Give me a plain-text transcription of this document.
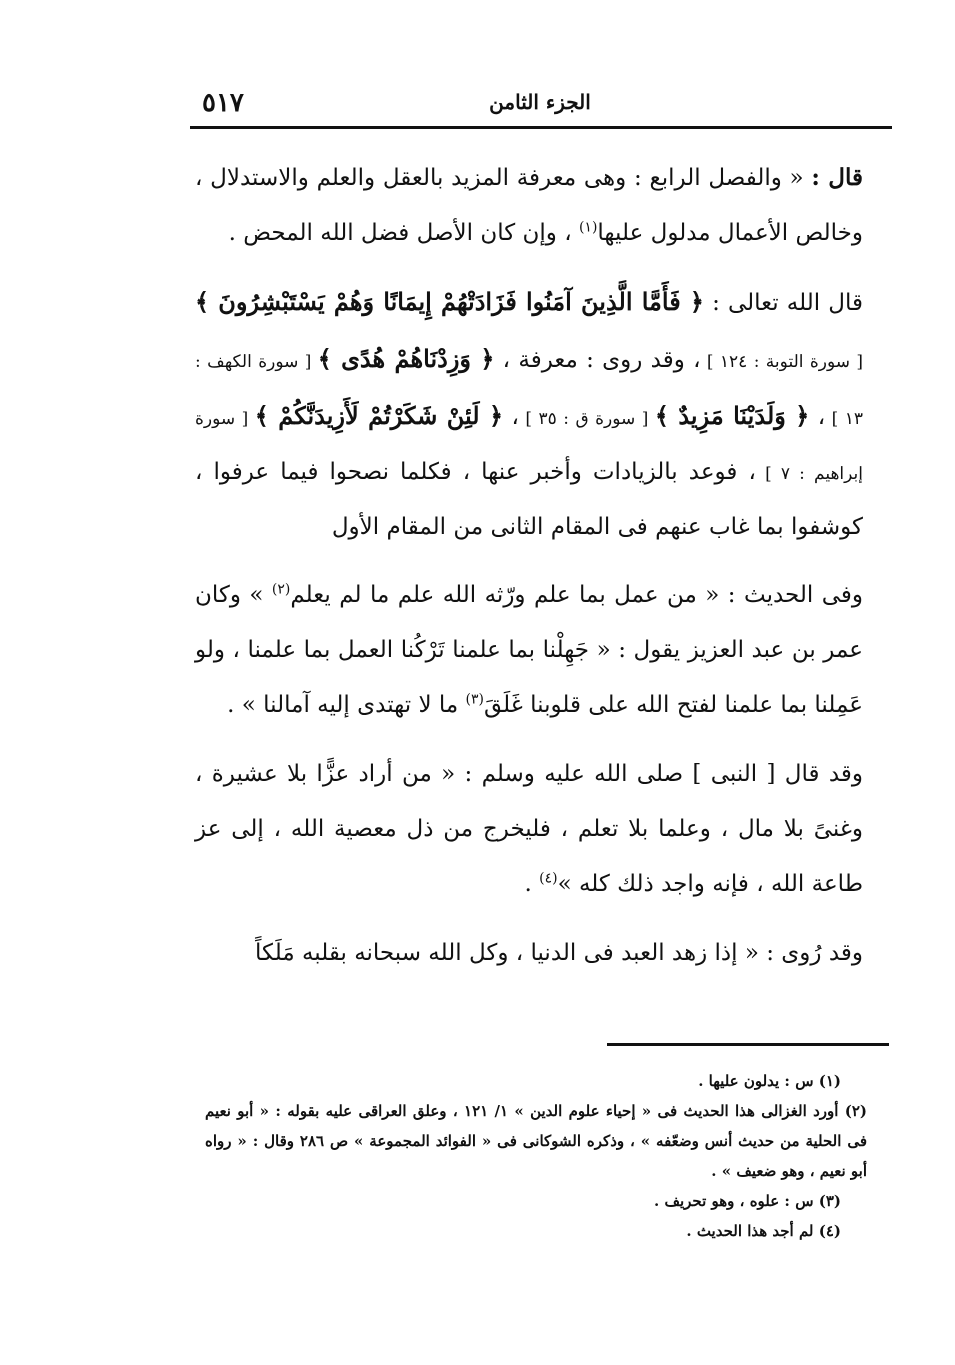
الجزء الثامن
٥١٧

قال : « والفصل الرابع : وهى معرفة المزيد بالعقل والعلم والاستدلال ، وخالص الأعمال مدلول عليها$^{(١)}$ ، وإن كان الأصل فضل الله المحض .

قال الله تعالى : ﴿ فَأَمَّا الَّذِينَ آمَنُوا فَزَادَتْهُمْ إِيمَانًا وَهُمْ يَسْتَبْشِرُونَ ﴾ [ سورة التوبة : ١٢٤ ] ، وقد روى : معرفة ، ﴿ وَزِدْنَاهُمْ هُدًى ﴾ [ سورة الكهف : ١٣ ] ، ﴿ وَلَدَيْنَا مَزِيدٌ ﴾ [ سورة ق : ٣٥ ] ، ﴿ لَئِنْ شَكَرْتُمْ لَأَزِيدَنَّكُمْ ﴾ [ سورة إبراهيم : ٧ ] ، فوعد بالزيادات وأخبر عنها ، فكلما نصحوا فيما عرفوا ، كوشفوا بما غاب عنهم فى المقام الثانى من المقام الأول

وفى الحديث : « من عمل بما علم ورّثه الله علم ما لم يعلم$^{(٢)}$ » وكان عمر بن عبد العزيز يقول : « جَهِلْنا بما علمنا تَرْكُنا العمل بما علمنا ، ولو عَمِلنا بما علمنا لفتح الله على قلوبنا غَلَقَ$^{(٣)}$ ما لا تهتدى إليه آمالنا » .

وقد قال [ النبى ] صلى الله عليه وسلم : « من أراد عزًّا بلا عشيرة ، وغنىً بلا مال ، وعلما بلا تعلم ، فليخرج من ذل معصية الله ، إلى عز طاعة الله ، فإنه واجد ذلك كله »$^{(٤)}$ .

وقد رُوى : « إذا زهد العبد فى الدنيا ، وكل الله سبحانه بقلبه مَلَكاً

(١) س : يدلون عليها .

(٢) أورد الغزالى هذا الحديث فى « إحياء علوم الدين » ١/ ١٢١ ، وعلق العراقى عليه بقوله : « أبو نعيم فى الحلية من حديث أنس وضعّفه » ، وذكره الشوكانى فى « الفوائد المجموعة » ص ٢٨٦ وقال : « رواه أبو نعيم ، وهو ضعيف » .

(٣) س : علوه ، وهو تحريف .

(٤) لم أجد هذا الحديث .
